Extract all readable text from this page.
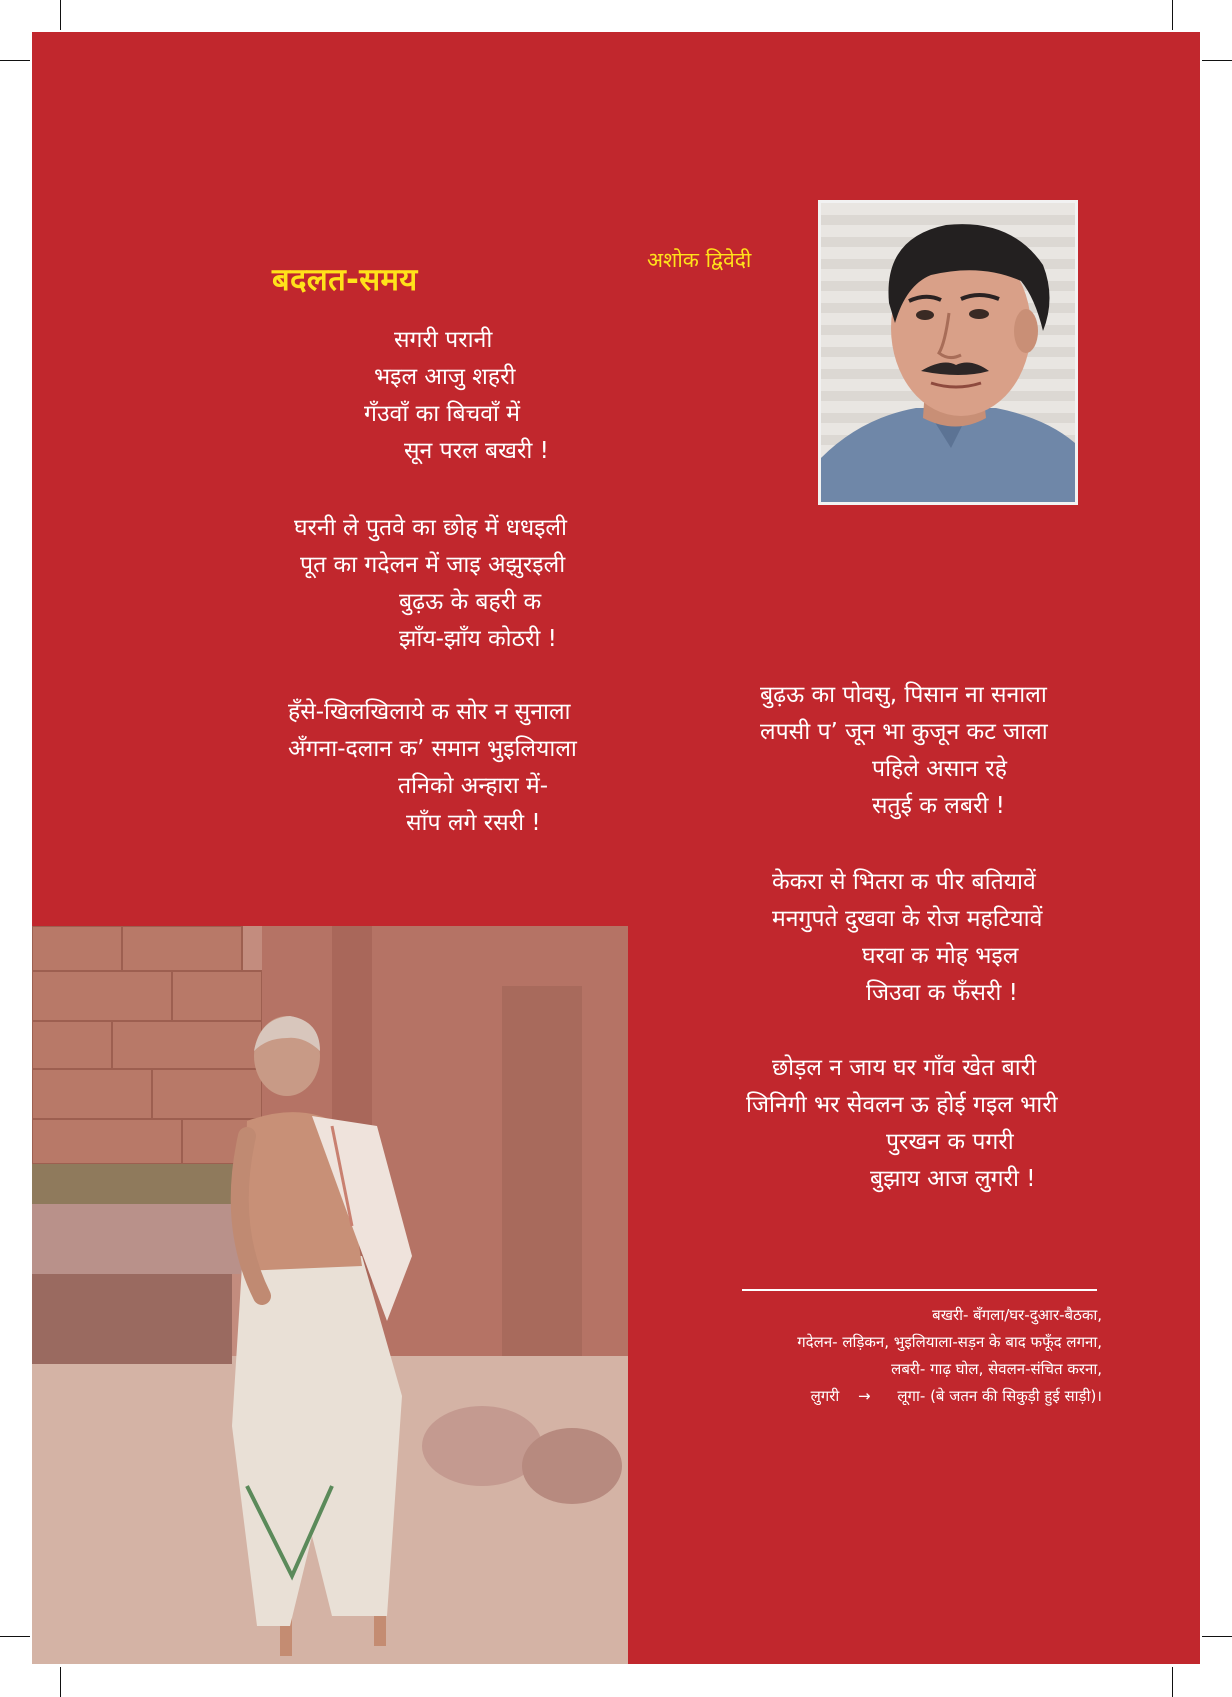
बदलत-समय
अशोक द्विवेदी
सगरी परानी
भइल आजु शहरी
गँउवाँ का बिचवाँ में
सून परल बखरी !
घरनी ले पुतवे का छोह में धधइली
पूत का गदेलन में जाइ अझुरइली
बुढ़ऊ के बहरी क
झाँय-झाँय कोठरी !
हँसे-खिलखिलाये क सोर न सुनाला
अँगना-दलान क’ समान भुइलियाला
तनिको अन्हारा में-
साँप लगे रसरी !
बुढ़ऊ का पोवसु, पिसान ना सनाला
लपसी प’ जून भा कुजून कट जाला
पहिले असान रहे
सतुई क लबरी !
केकरा से भितरा क पीर बतियावें
मनगुपते दुखवा के रोज महटियावें
घरवा क मोह भइल
जिउवा क फँसरी !
छोड़ल न जाय घर गाँव खेत बारी
जिनिगी भर सेवलन ऊ होई गइल भारी
पुरखन क पगरी
बुझाय आज लुगरी !
बखरी- बँगला/घर-दुआर-बैठका,
गदेलन- लड़िकन, भुइलियाला-सड़न के बाद फफूँद लगना,
लबरी- गाढ़ घोल, सेवलन-संचित करना,
लुगरी → लूगा- (बे जतन की सिकुड़ी हुई साड़ी)।
